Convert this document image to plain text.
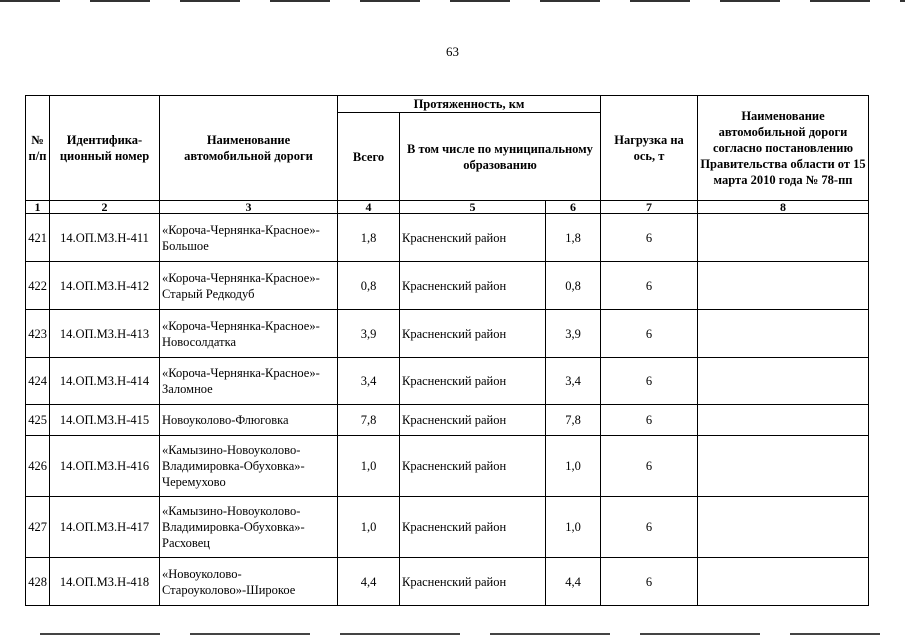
63
№ п/п	Идентифика-ционный номер	Наименование автомобильной дороги	Протяженность, км			Нагрузка на ось, т	Наименование автомобильной дороги согласно постановлению Правительства области от 15 марта 2010 года № 78-пп
			Всего	В том числе по муниципальному образованию			
1	2	3	4	5	6	7	8
421	14.ОП.МЗ.Н-411	«Короча-Чернянка-Красное»-
Большое	1,8	Красненский район	1,8	6	
422	14.ОП.МЗ.Н-412	«Короча-Чернянка-Красное»-
Старый Редкодуб	0,8	Красненский район	0,8	6	
423	14.ОП.МЗ.Н-413	«Короча-Чернянка-Красное»-
Новосолдатка	3,9	Красненский район	3,9	6	
424	14.ОП.МЗ.Н-414	«Короча-Чернянка-Красное»-
Заломное	3,4	Красненский район	3,4	6	
425	14.ОП.МЗ.Н-415	Новоуколово-Флюговка	7,8	Красненский район	7,8	6	
426	14.ОП.МЗ.Н-416	«Камызино-Новоуколово-
Владимировка-Обуховка»-
Черемухово	1,0	Красненский район	1,0	6	
427	14.ОП.МЗ.Н-417	«Камызино-Новоуколово-
Владимировка-Обуховка»-
Расховец	1,0	Красненский район	1,0	6	
428	14.ОП.МЗ.Н-418	«Новоуколово-
Староуколово»-Широкое	4,4	Красненский район	4,4	6	
